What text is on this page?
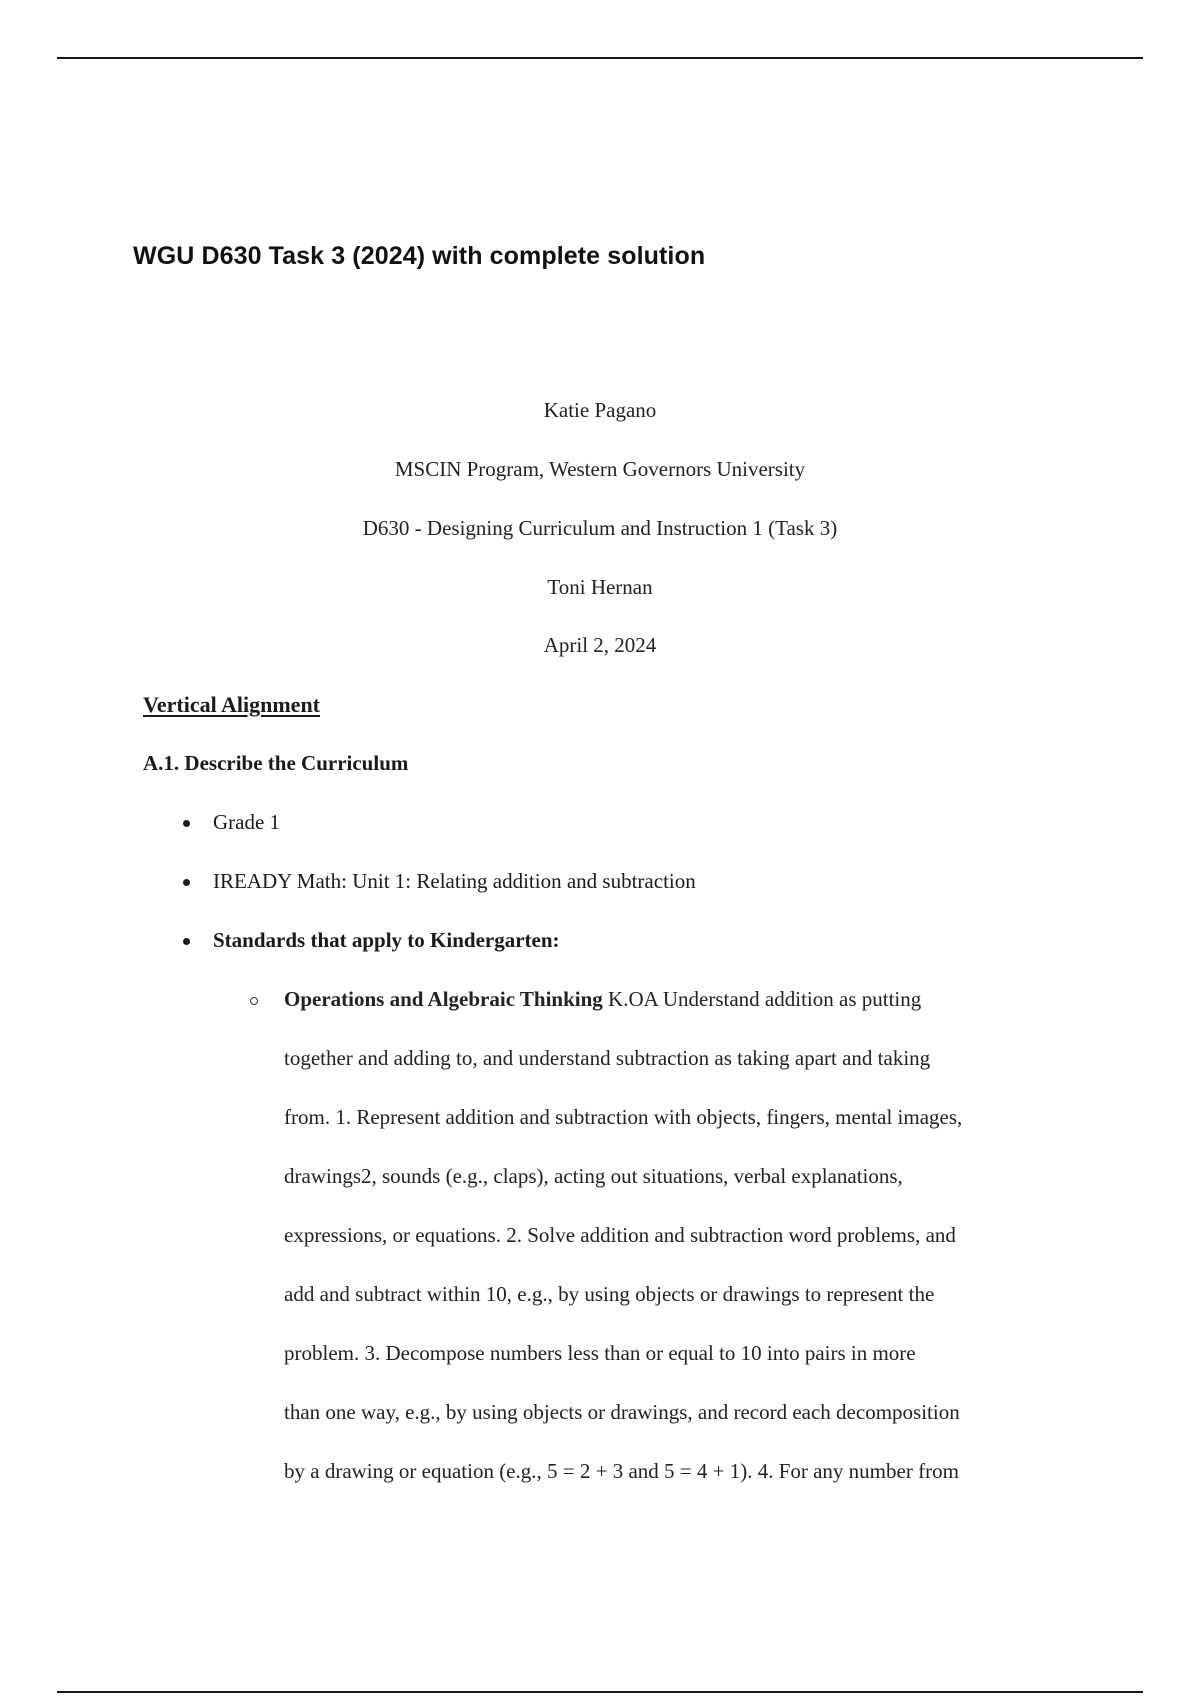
WGU D630 Task 3 (2024) with complete solution
Katie Pagano
MSCIN Program, Western Governors University
D630 - Designing Curriculum and Instruction 1 (Task 3)
Toni Hernan
April 2, 2024
Vertical Alignment
A.1. Describe the Curriculum
Grade 1
IREADY Math: Unit 1: Relating addition and subtraction
Standards that apply to Kindergarten:
Operations and Algebraic Thinking K.OA Understand addition as putting
together and adding to, and understand subtraction as taking apart and taking
from. 1. Represent addition and subtraction with objects, fingers, mental images,
drawings2, sounds (e.g., claps), acting out situations, verbal explanations,
expressions, or equations. 2. Solve addition and subtraction word problems, and
add and subtract within 10, e.g., by using objects or drawings to represent the
problem. 3. Decompose numbers less than or equal to 10 into pairs in more
than one way, e.g., by using objects or drawings, and record each decomposition
by a drawing or equation (e.g., 5 = 2 + 3 and 5 = 4 + 1). 4. For any number from
